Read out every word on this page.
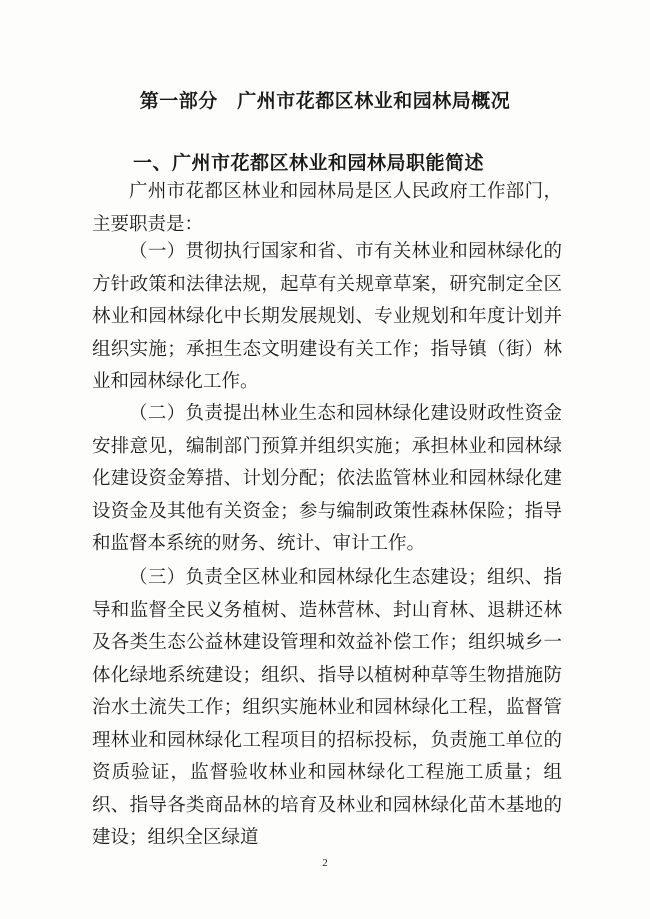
第一部分　广州市花都区林业和园林局概况
一、广州市花都区林业和园林局职能简述

广州市花都区林业和园林局是区人民政府工作部门，主要职责是：

（一）贯彻执行国家和省、市有关林业和园林绿化的方针政策和法律法规，起草有关规章草案，研究制定全区林业和园林绿化中长期发展规划、专业规划和年度计划并组织实施；承担生态文明建设有关工作；指导镇（街）林业和园林绿化工作。

（二）负责提出林业生态和园林绿化建设财政性资金安排意见，编制部门预算并组织实施；承担林业和园林绿化建设资金筹措、计划分配；依法监管林业和园林绿化建设资金及其他有关资金；参与编制政策性森林保险；指导和监督本系统的财务、统计、审计工作。

（三）负责全区林业和园林绿化生态建设；组织、指导和监督全民义务植树、造林营林、封山育林、退耕还林及各类生态公益林建设管理和效益补偿工作；组织城乡一体化绿地系统建设；组织、指导以植树种草等生物措施防治水土流失工作；组织实施林业和园林绿化工程，监督管理林业和园林绿化工程项目的招标投标，负责施工单位的资质验证，监督验收林业和园林绿化工程施工质量；组织、指导各类商品林的培育及林业和园林绿化苗木基地的建设；组织全区绿道

2
